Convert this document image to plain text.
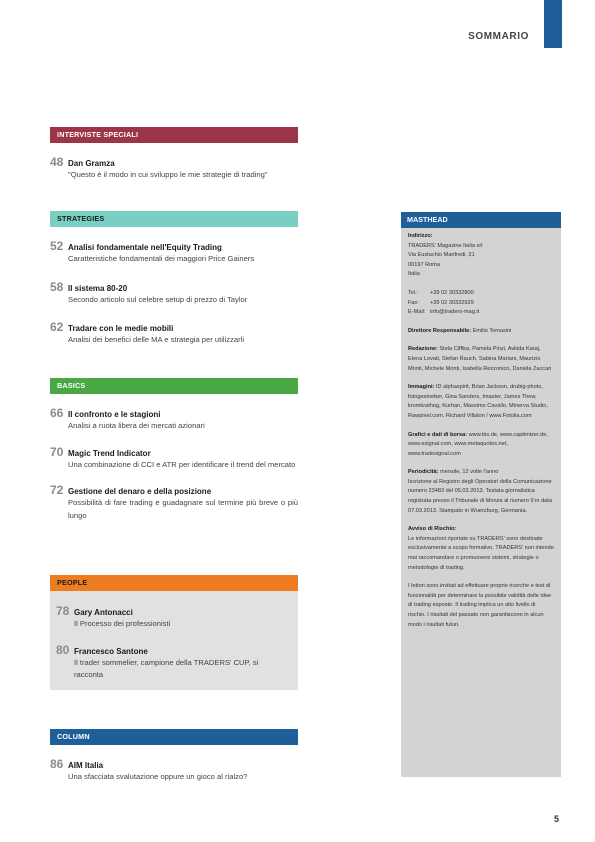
SOMMARIO
INTERVISTE SPECIALI
48 Dan Gramza
"Questo è il modo in cui sviluppo le mie strategie di trading"
STRATEGIES
52 Analisi fondamentale nell'Equity Trading
Caratteristiche fondamentali dei maggiori Price Gainers
58 Il sistema 80-20
Secondo articolo sul celebre setup di prezzo di Taylor
62 Tradare con le medie mobili
Analisi dei benefici delle MA e strategia per utilizzarli
BASICS
66 Il confronto e le stagioni
Analisi a ruota libera dei mercati azionari
70 Magic Trend Indicator
Una combinazione di CCI e ATR per identificare il trend del mercato
72 Gestione del denaro e della posizione
Possibilità di fare trading e guadagnare sul termine più breve o più lungo
PEOPLE
78 Gary Antonacci
Il Processo dei professionisti
80 Francesco Santone
Il trader sommelier, campione della TRADERS' CUP, si racconta
COLUMN
86 AIM Italia
Una sfacciata svalutazione oppure un gioco al rialzo?
MASTHEAD
Indirizzo:
TRADERS' Magazine Italia srl
Via Eustachio Manfredi, 21
00197 Roma
Italia
Tel.:	+39 02 30332800
Fax:	+39 02 30332929
E-Mail: info@traders-mag.it
Direttore Responsabile: Emilio Tomasini
Redazione: Stela Ciffika, Pamela Pinzi, Avkida Karaj, Elena Lovati, Stefan Rauch, Sabina Mariani, Maurizio Monti, Michele Monti, Isabella Rezzonico, Daniela Zaccari
Immagini: ID alphaspirit, Brian Jackson, drubig-photo, fotogestoeber, Gina Sanders, Imaster, James Thew, kromkrathog, Kurhan, Massimo Cavallo, Minerva Studio, Rawpixel.com, Richard Villalon / www.Fotolia.com
Grafici e dati di borsa: www.bis.de, www.captimizer.de, www.esignal.com, www.metaquotes.net, www.tradesignal.com
Periodicità: mensile, 12 volte l'anno
Iscrizione al Registro degli Operatori della Comunicazione numero 23483 del 05.03.2013. Testata giornalistica registrata presso il Tribunale di Monza al numero 9 in data 07.03.2013. Stampato in Wuerzburg, Germania.
Avviso di Rischio:
Le informazioni riportate su TRADERS' sono destinate esclusivamente a scopo formativo. TRADERS' non intende mai raccomandare o promuovere sistemi, strategie o metodologie di trading.
I lettori sono invitati ad effettuare proprie ricerche e test di funzionalità per determinare la possibile validità delle idee di trading esposte. Il trading implica un alto livello di rischio. I risultati del passato non garantiscono in alcun modo i risultati futuri.
5
